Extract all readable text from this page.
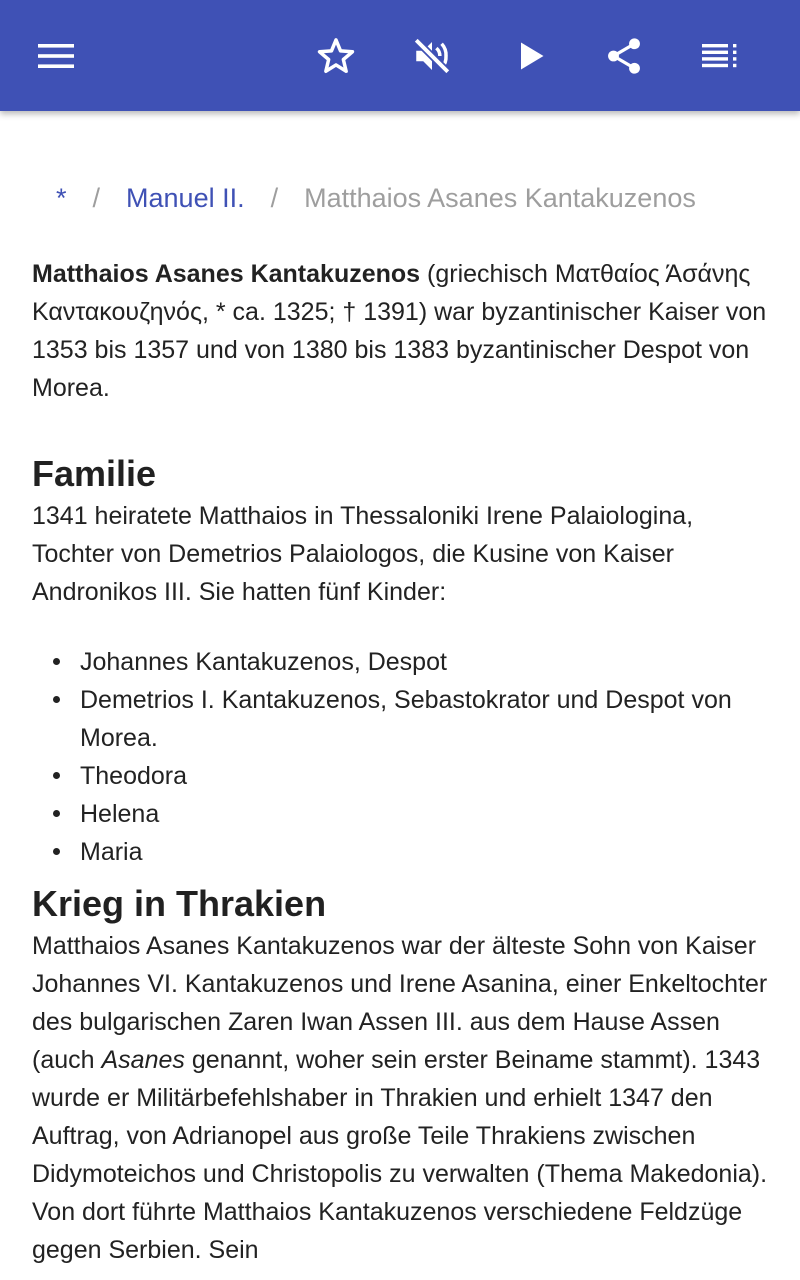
* / Manuel II. / Matthaios Asanes Kantakuzenos

Matthaios Asanes Kantakuzenos (griechisch Ματθαίος Άσάνης Καντακουζηνός, * ca. 1325; † 1391) war byzantinischer Kaiser von 1353 bis 1357 und von 1380 bis 1383 byzantinischer Despot von Morea.

Familie

1341 heiratete Matthaios in Thessaloniki Irene Palaiologina, Tochter von Demetrios Palaiologos, die Kusine von Kaiser Andronikos III. Sie hatten fünf Kinder:

Johannes Kantakuzenos, Despot
Demetrios I. Kantakuzenos, Sebastokrator und Despot von Morea.
Theodora
Helena
Maria
Krieg in Thrakien

Matthaios Asanes Kantakuzenos war der älteste Sohn von Kaiser Johannes VI. Kantakuzenos und Irene Asanina, einer Enkeltochter des bulgarischen Zaren Iwan Assen III. aus dem Hause Assen (auch Asanes genannt, woher sein erster Beiname stammt). 1343 wurde er Militärbefehlshaber in Thrakien und erhielt 1347 den Auftrag, von Adrianopel aus große Teile Thrakiens zwischen Didymoteichos und Christopolis zu verwalten (Thema Makedonia). Von dort führte Matthaios Kantakuzenos verschiedene Feldzüge gegen Serbien. Sein
